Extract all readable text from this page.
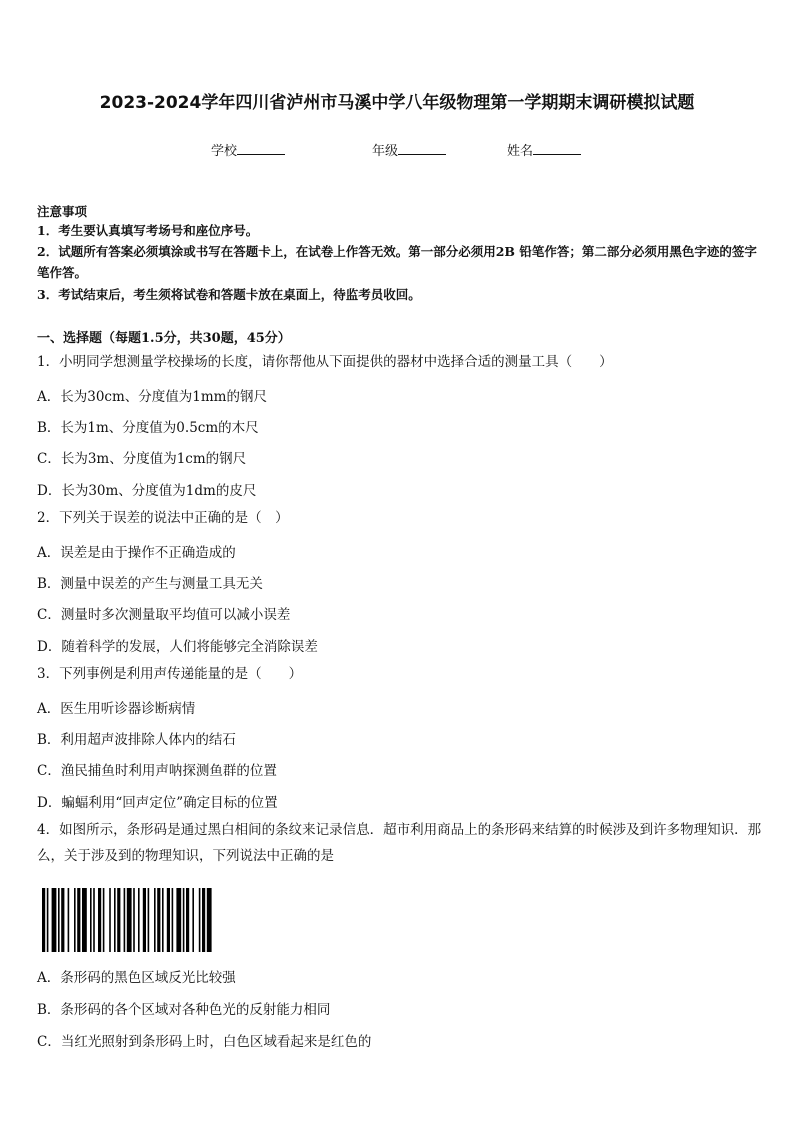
2023-2024学年四川省泸州市马溪中学八年级物理第一学期期末调研模拟试题
学校	年级	姓名
注意事项
1．考生要认真填写考场号和座位序号。
2．试题所有答案必须填涂或书写在答题卡上，在试卷上作答无效。第一部分必须用2B 铅笔作答；第二部分必须用黑色字迹的签字笔作答。
3．考试结束后，考生须将试卷和答题卡放在桌面上，待监考员收回。
一、选择题（每题1.5分，共30题，45分）
1．小明同学想测量学校操场的长度，请你帮他从下面提供的器材中选择合适的测量工具（　　）
A．长为30cm、分度值为1mm的钢尺
B．长为1m、分度值为0.5cm的木尺
C．长为3m、分度值为1cm的钢尺
D．长为30m、分度值为1dm的皮尺
2．下列关于误差的说法中正确的是（　）
A．误差是由于操作不正确造成的
B．测量中误差的产生与测量工具无关
C．测量时多次测量取平均值可以减小误差
D．随着科学的发展，人们将能够完全消除误差
3．下列事例是利用声传递能量的是（　　）
A．医生用听诊器诊断病情
B．利用超声波排除人体内的结石
C．渔民捕鱼时利用声呐探测鱼群的位置
D．蝙蝠利用“回声定位”确定目标的位置
4．如图所示，条形码是通过黑白相间的条纹来记录信息．超市利用商品上的条形码来结算的时候涉及到许多物理知识．那么，关于涉及到的物理知识，下列说法中正确的是
A．条形码的黑色区域反光比较强
B．条形码的各个区域对各种色光的反射能力相同
C．当红光照射到条形码上时，白色区域看起来是红色的
